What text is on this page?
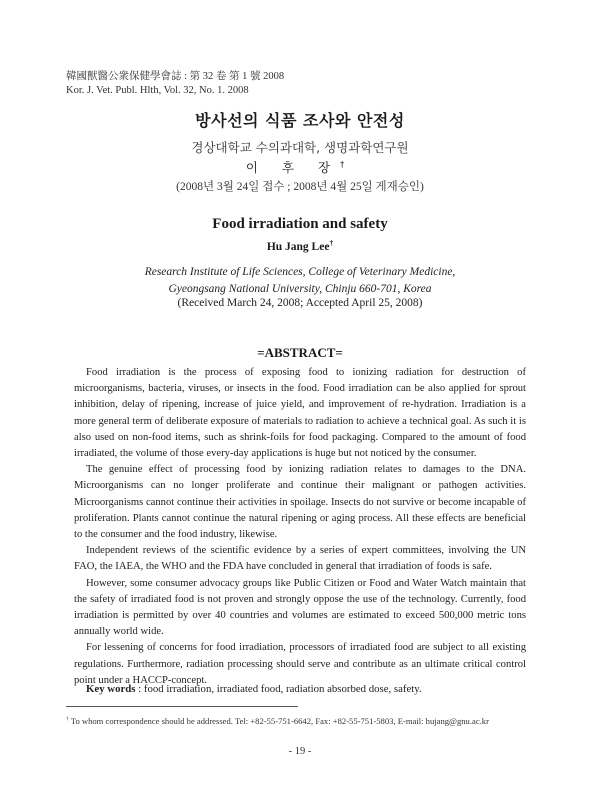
韓國獸醫公衆保健學會誌 : 第 32 卷 第 1 號 2008
Kor. J. Vet. Publ. Hlth, Vol. 32, No. 1. 2008
방사선의 식품 조사와 안전성
경상대학교 수의과대학, 생명과학연구원
이 후 장†
(2008년 3월 24일 접수 ; 2008년 4월 25일 게재승인)
Food irradiation and safety
Hu Jang Lee†
Research Institute of Life Sciences, College of Veterinary Medicine,
Gyeongsang National University, Chinju 660-701, Korea
(Received March 24, 2008; Accepted April 25, 2008)
=ABSTRACT=

Food irradiation is the process of exposing food to ionizing radiation for destruction of microorganisms, bacteria, viruses, or insects in the food. Food irradiation can be also applied for sprout inhibition, delay of ripening, increase of juice yield, and improvement of re-hydration. Irradiation is a more general term of deliberate exposure of materials to radiation to achieve a technical goal. As such it is also used on non-food items, such as shrink-foils for food packaging. Compared to the amount of food irradiated, the volume of those every-day applications is huge but not noticed by the consumer.

The genuine effect of processing food by ionizing radiation relates to damages to the DNA. Microorganisms can no longer proliferate and continue their malignant or pathogen activities. Microorganisms cannot continue their activities in spoilage. Insects do not survive or become incapable of proliferation. Plants cannot continue the natural ripening or aging process. All these effects are beneficial to the consumer and the food industry, likewise.

Independent reviews of the scientific evidence by a series of expert committees, involving the UN FAO, the IAEA, the WHO and the FDA have concluded in general that irradiation of foods is safe.

However, some consumer advocacy groups like Public Citizen or Food and Water Watch maintain that the safety of irradiated food is not proven and strongly oppose the use of the technology. Currently, food irradiation is permitted by over 40 countries and volumes are estimated to exceed 500,000 metric tons annually world wide.

For lessening of concerns for food irradiation, processors of irradiated food are subject to all existing regulations. Furthermore, radiation processing should serve and contribute as an ultimate critical control point under a HACCP-concept.

Key words : food irradiation, irradiated food, radiation absorbed dose, safety.
† To whom correspondence should be addressed. Tel: +82-55-751-6642, Fax: +82-55-751-5803, E-mail: hujang@gnu.ac.kr
- 19 -
